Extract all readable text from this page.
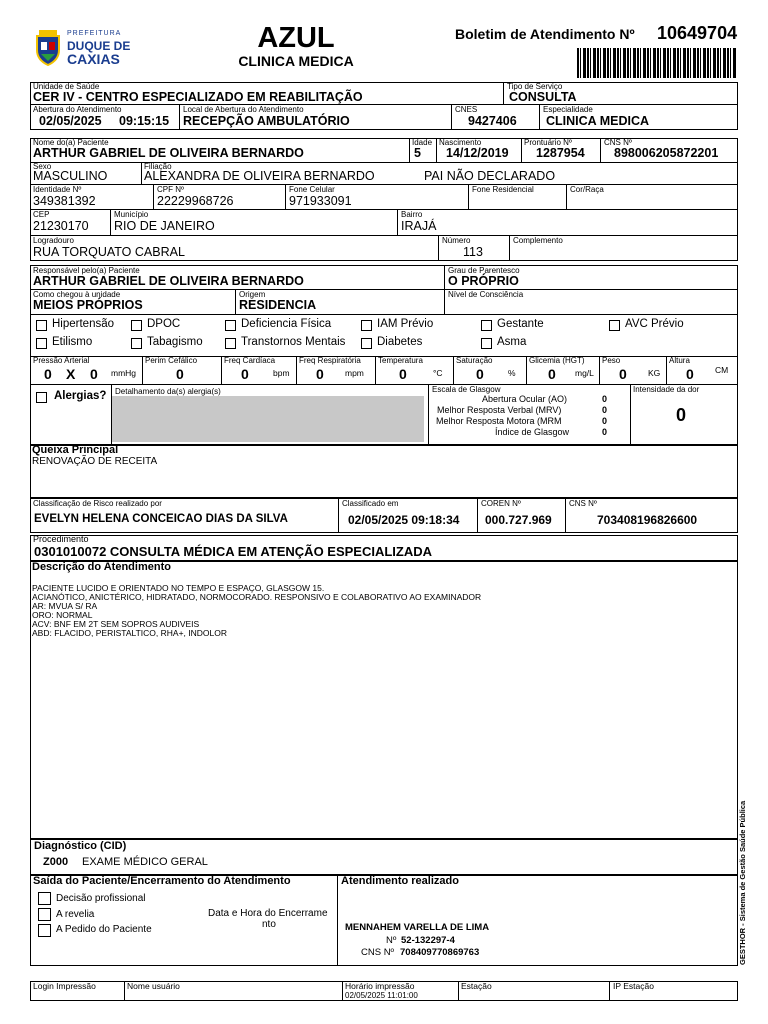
PREFEITURA
DUQUE DE
CAXIAS
AZUL
CLINICA MEDICA
Boletim de Atendimento Nº 10649704
Unidade de Saúde
CER IV - CENTRO ESPECIALIZADO EM REABILITAÇÃO
Tipo de Serviço
CONSULTA
Abertura do Atendimento
02/05/2025 09:15:15
Local de Abertura do Atendimento
RECEPÇÃO AMBULATÓRIO
CNES
9427406
Especialidade
CLINICA MEDICA
Nome do(a) Paciente
ARTHUR GABRIEL DE OLIVEIRA BERNARDO
Idade
5
Nascimento
14/12/2019
Prontuário Nº
1287954
CNS Nº
898006205872201
Sexo
MASCULINO
Filiação
ALEXANDRA DE OLIVEIRA BERNARDO	PAI NÃO DECLARADO
Identidade Nº
349381392
CPF Nº
22229968726
Fone Celular
971933091
Fone Residencial	Cor/Raça
CEP
21230170
Município
RIO DE JANEIRO
Bairro
IRAJÁ
Logradouro
RUA TORQUATO CABRAL
Número
113
Complemento
Responsável pelo(a) Paciente
ARTHUR GABRIEL DE OLIVEIRA BERNARDO
Grau de Parentesco
O PRÓPRIO
Como chegou à unidade
MEIOS PRÓPRIOS
Origem
RESIDENCIA
Nível de Consciência
Hipertensão	DPOC	Deficiencia Física	IAM Prévio	Gestante	AVC Prévio
Etilismo	Tabagismo	Transtornos Mentais	Diabetes	Asma
Pressão Arterial
0 X 0 mmHg
Perim Cefálico
0
Freq Cardíaca
0	bpm
Freq Respiratória
0 mpm
Temperatura
0	°C
Saturação
0	%
Glicemia (HGT)
0 mg/L
Peso
0 KG
Altura
0 CM
Alergias? Detalhamento da(s) alergia(s)	Escala de Glasgow
Abertura Ocular (AO)	0
Melhor Resposta Verbal (MRV)	0
Melhor Resposta Motora (MRM	0
Índice de Glasgow	0
Intensidade da dor
0
Queixa Principal
RENOVAÇÃO DE RECEITA
Classificação de Risco realizado por
EVELYN HELENA CONCEICAO DIAS DA SILVA
Classificado em
02/05/2025 09:18:34
COREN Nº
000.727.969
CNS Nº
703408196826600
Procedimento
0301010072 CONSULTA MÉDICA EM ATENÇÃO ESPECIALIZADA
Descrição do Atendimento
PACIENTE LUCIDO E ORIENTADO NO TEMPO E ESPAÇO, GLASGOW 15.
ACIANÓTICO, ANICTÉRICO, HIDRATADO, NORMOCORADO. RESPONSIVO E COLABORATIVO AO EXAMINADOR
AR: MVUA S/ RA
ORO: NORMAL
ACV: BNF EM 2T SEM SOPROS AUDIVEIS
ABD: FLACIDO, PERISTALTICO, RHA+, INDOLOR
Diagnóstico (CID)
Z000 EXAME MÉDICO GERAL
Saída do Paciente/Encerramento do Atendimento
Decisão profissional
A revelia
A Pedido do Paciente
Data e Hora do Encerrame
nto
Atendimento realizado
MENNAHEM VARELLA DE LIMA
Nº 52-132297-4
CNS Nº 708409770869763	GESTHOR - Sistema de Gestão Saúde Pública
Login Impressão	Nome usuário	Horário impressão
02/05/2025 11:01:00
Estação	IP Estação
